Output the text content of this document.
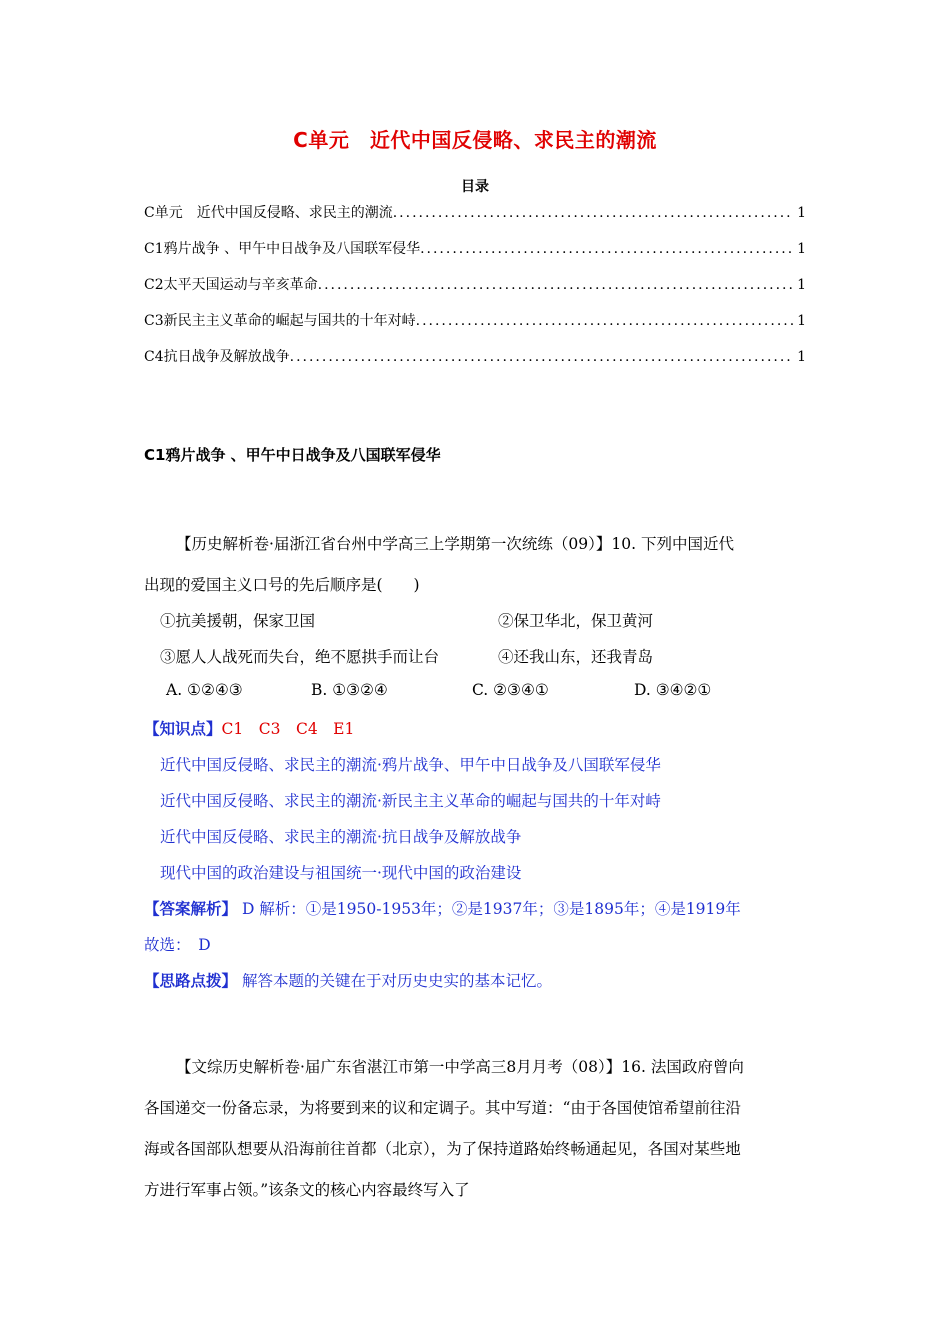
C单元　近代中国反侵略、求民主的潮流
目录
C单元　近代中国反侵略、求民主的潮流 .....	1
C1鸦片战争 、甲午中日战争及八国联军侵华 .....	1
C2太平天国运动与辛亥革命 .....	1
C3新民主主义革命的崛起与国共的十年对峙 .....	1
C4抗日战争及解放战争 .....	1
C1鸦片战争 、甲午中日战争及八国联军侵华
【历史解析卷·届浙江省台州中学高三上学期第一次统练（09）】10. 下列中国近代
出现的爱国主义口号的先后顺序是(　　)
①抗美援朝，保家卫国	②保卫华北，保卫黄河
③愿人人战死而失台，绝不愿拱手而让台	④还我山东，还我青岛
A. ①②④③	B. ①③②④	C. ②③④①	D. ③④②①
【知识点】C1　C3　C4　E1
近代中国反侵略、求民主的潮流·鸦片战争、甲午中日战争及八国联军侵华
近代中国反侵略、求民主的潮流·新民主主义革命的崛起与国共的十年对峙
近代中国反侵略、求民主的潮流·抗日战争及解放战争
现代中国的政治建设与祖国统一·现代中国的政治建设
【答案解析】 D 解析：①是1950-1953年；②是1937年；③是1895年；④是1919年
故选：　D
【思路点拨】 解答本题的关键在于对历史史实的基本记忆。
【文综历史解析卷·届广东省湛江市第一中学高三8月月考（08）】16. 法国政府曾向
各国递交一份备忘录，为将要到来的议和定调子。其中写道：“由于各国使馆希望前往沿
海或各国部队想要从沿海前往首都（北京），为了保持道路始终畅通起见，各国对某些地
方进行军事占领。”该条文的核心内容最终写入了
